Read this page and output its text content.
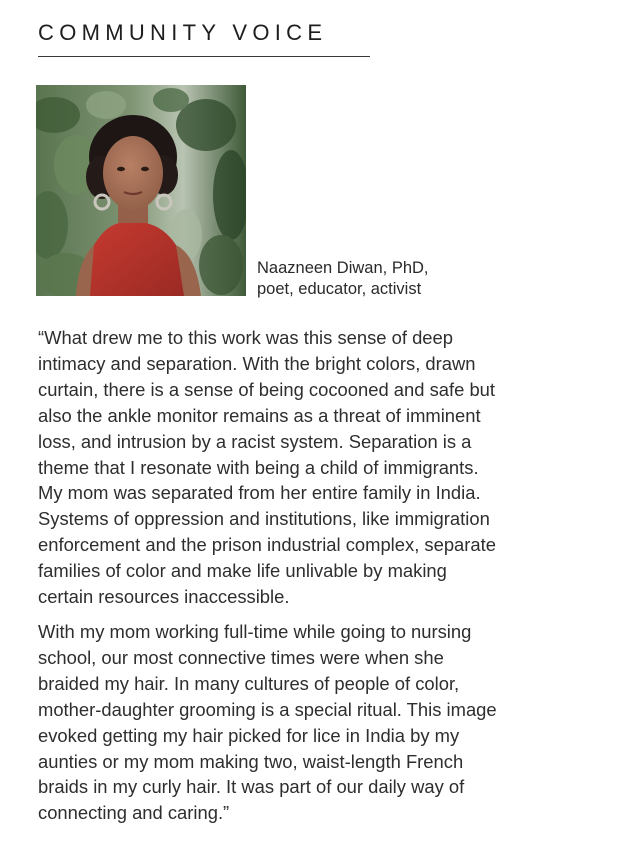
COMMUNITY VOICE
Naazneen Diwan, PhD,
poet, educator, activist

“What drew me to this work was this sense of deep
intimacy and separation. With the bright colors, drawn
curtain, there is a sense of being cocooned and safe but
also the ankle monitor remains as a threat of imminent
loss, and intrusion by a racist system. Separation is a
theme that I resonate with being a child of immigrants.
My mom was separated from her entire family in India.
Systems of oppression and institutions, like immigration
enforcement and the prison industrial complex, separate
families of color and make life unlivable by making
certain resources inaccessible.

With my mom working full-time while going to nursing
school, our most connective times were when she
braided my hair. In many cultures of people of color,
mother-daughter grooming is a special ritual. This image
evoked getting my hair picked for lice in India by my
aunties or my mom making two, waist-length French
braids in my curly hair. It was part of our daily way of
connecting and caring.”
